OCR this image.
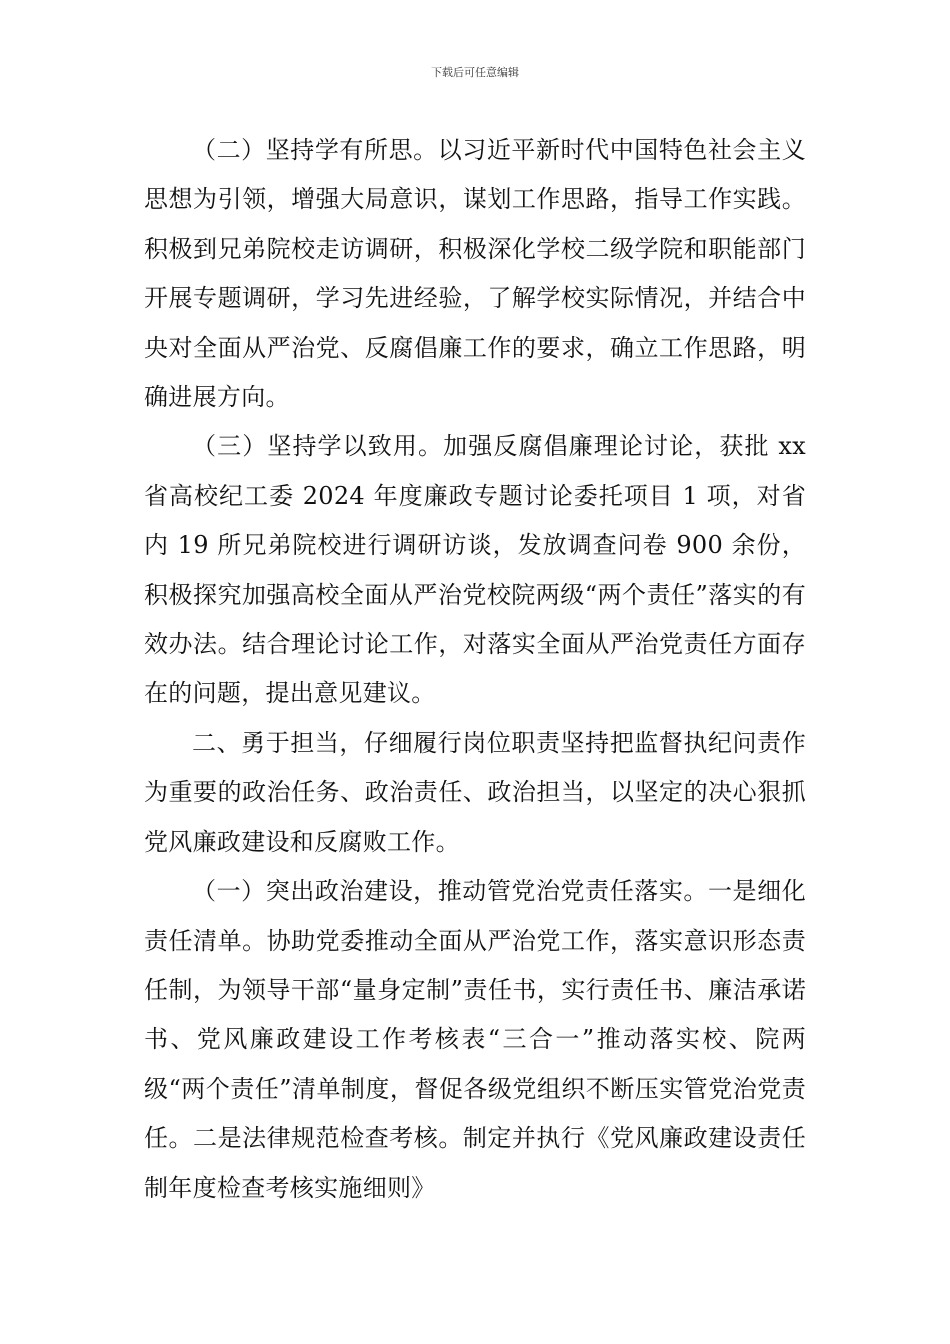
下载后可任意编辑

（二）坚持学有所思。以习近平新时代中国特色社会主义思想为引领，增强大局意识，谋划工作思路，指导工作实践。积极到兄弟院校走访调研，积极深化学校二级学院和职能部门开展专题调研，学习先进经验，了解学校实际情况，并结合中央对全面从严治党、反腐倡廉工作的要求，确立工作思路，明确进展方向。

（三）坚持学以致用。加强反腐倡廉理论讨论，获批 xx 省高校纪工委 2024 年度廉政专题讨论委托项目 1 项，对省内 19 所兄弟院校进行调研访谈，发放调查问卷 900 余份，积极探究加强高校全面从严治党校院两级“两个责任”落实的有效办法。结合理论讨论工作，对落实全面从严治党责任方面存在的问题，提出意见建议。

二、勇于担当，仔细履行岗位职责坚持把监督执纪问责作为重要的政治任务、政治责任、政治担当，以坚定的决心狠抓党风廉政建设和反腐败工作。

（一）突出政治建设，推动管党治党责任落实。一是细化责任清单。协助党委推动全面从严治党工作，落实意识形态责任制，为领导干部“量身定制”责任书，实行责任书、廉洁承诺书、党风廉政建设工作考核表“三合一”推动落实校、院两级“两个责任”清单制度，督促各级党组织不断压实管党治党责任。二是法律规范检查考核。制定并执行《党风廉政建设责任制年度检查考核实施细则》
